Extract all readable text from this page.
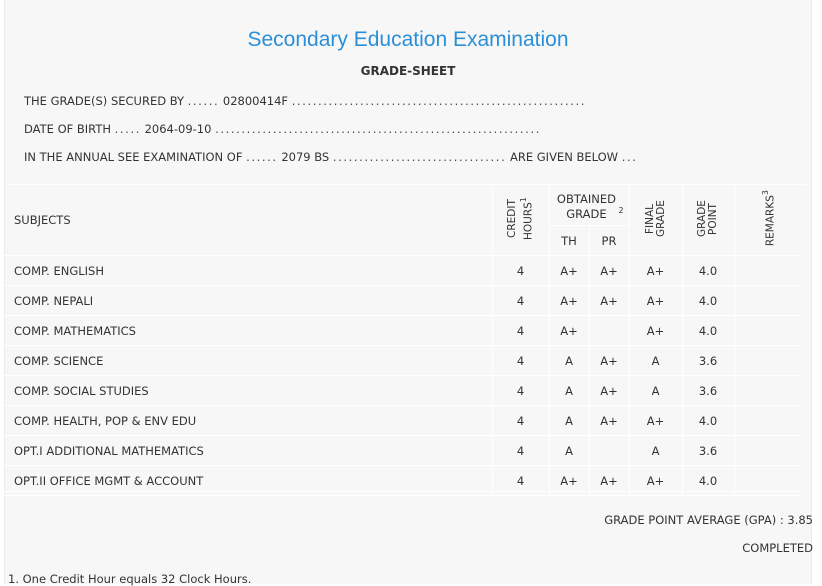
Secondary Education Examination
GRADE-SHEET
THE GRADE(S) SECURED BY ...... 02800414F ........................................................
DATE OF BIRTH ..... 2064-09-10 ..............................................................
IN THE ANNUAL SEE EXAMINATION OF ...... 2079 BS ................................. ARE GIVEN BELOW ...
SUBJECTS	CREDIT HOURS$^1$	OBTAINED GRADE $^2$		FINAL GRADE	GRADE POINT	REMARKS$^3$
		TH	PR			
COMP. ENGLISH	4	A+	A+	A+	4.0	
COMP. NEPALI	4	A+	A+	A+	4.0	
COMP. MATHEMATICS	4	A+		A+	4.0	
COMP. SCIENCE	4	A	A+	A	3.6	
COMP. SOCIAL STUDIES	4	A	A+	A	3.6	
COMP. HEALTH, POP & ENV EDU	4	A	A+	A+	4.0	
OPT.I ADDITIONAL MATHEMATICS	4	A		A	3.6	
OPT.II OFFICE MGMT & ACCOUNT	4	A+	A+	A+	4.0	
GRADE POINT AVERAGE (GPA) : 3.85
COMPLETED
1. One Credit Hour equals 32 Clock Hours.
